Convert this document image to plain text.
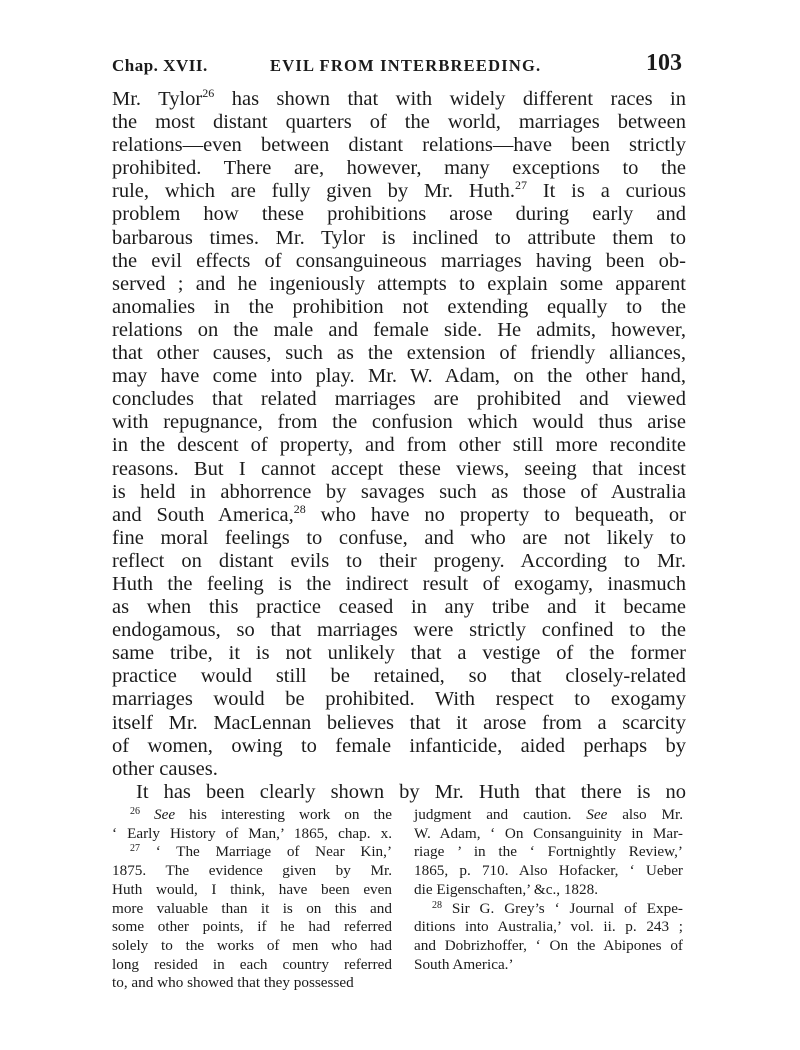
Chap. XVII.	EVIL FROM INTERBREEDING.	103
Mr. Tylor$^{26}$ has shown that with widely different races in
the most distant quarters of the world, marriages between
relations—even between distant relations—have been strictly
prohibited. There are, however, many exceptions to the
rule, which are fully given by Mr. Huth.$^{27}$ It is a curious
problem how these prohibitions arose during early and
barbarous times. Mr. Tylor is inclined to attribute them to
the evil effects of consanguineous marriages having been ob-
served ; and he ingeniously attempts to explain some apparent
anomalies in the prohibition not extending equally to the
relations on the male and female side. He admits, however,
that other causes, such as the extension of friendly alliances,
may have come into play. Mr. W. Adam, on the other hand,
concludes that related marriages are prohibited and viewed
with repugnance, from the confusion which would thus arise
in the descent of property, and from other still more recondite
reasons. But I cannot accept these views, seeing that incest
is held in abhorrence by savages such as those of Australia
and South America,$^{28}$ who have no property to bequeath, or
fine moral feelings to confuse, and who are not likely to
reflect on distant evils to their progeny. According to Mr.
Huth the feeling is the indirect result of exogamy, inasmuch
as when this practice ceased in any tribe and it became
endogamous, so that marriages were strictly confined to the
same tribe, it is not unlikely that a vestige of the former
practice would still be retained, so that closely-related
marriages would be prohibited. With respect to exogamy
itself Mr. MacLennan believes that it arose from a scarcity
of women, owing to female infanticide, aided perhaps by
other causes.
It has been clearly shown by Mr. Huth that there is no
$^{26}$ See his interesting work on the
‘ Early History of Man,’ 1865, chap. x.
$^{27}$ ‘ The Marriage of Near Kin,’
1875. The evidence given by Mr.
Huth would, I think, have been even
more valuable than it is on this and
some other points, if he had referred
solely to the works of men who had
long resided in each country referred
to, and who showed that they possessed
judgment and caution. See also Mr.
W. Adam, ‘ On Consanguinity in Mar-
riage ’ in the ‘ Fortnightly Review,’
1865, p. 710. Also Hofacker, ‘ Ueber
die Eigenschaften,’ &c., 1828.
$^{28}$ Sir G. Grey’s ‘ Journal of Expe-
ditions into Australia,’ vol. ii. p. 243 ;
and Dobrizhoffer, ‘ On the Abipones of
South America.’
